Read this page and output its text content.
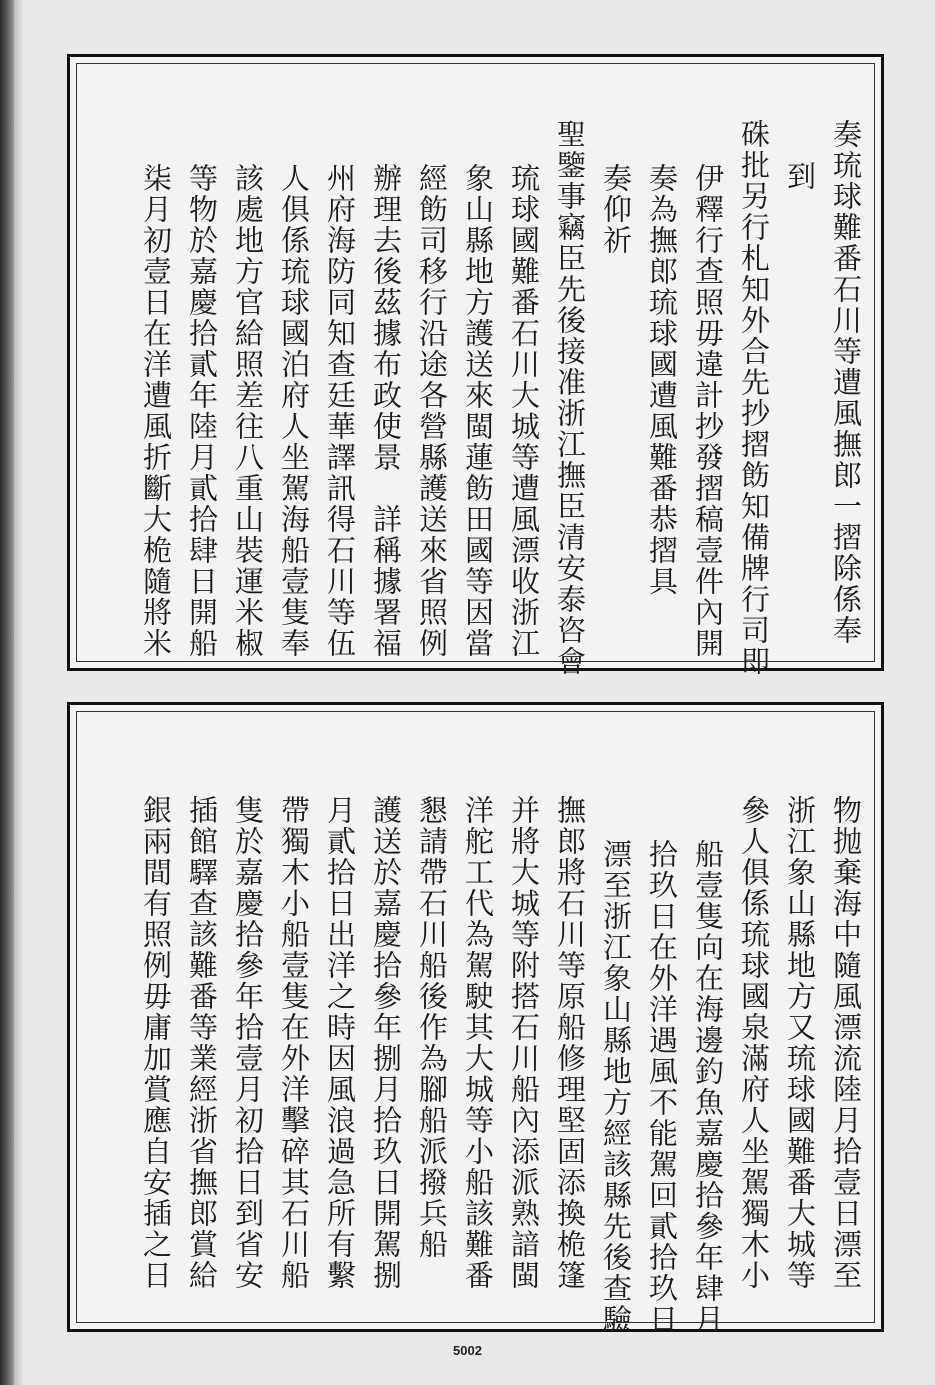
奏琉球難番石川等遭風撫郎一摺除係奉
到
硃批另行札知外合先抄摺飭知備牌行司即
伊釋行查照毋違計抄發摺稿壹件內開
奏為撫郎琉球國遭風難番恭摺具
奏仰祈
聖鑒事竊臣先後接准浙江撫臣清安泰咨會
琉球國難番石川大城等遭風漂收浙江
象山縣地方護送來閩蓮飭田國等因當
經飭司移行沿途各營縣護送來省照例
辦理去後茲據布政使景　詳稱據署福
州府海防同知查廷華譯訊得石川等伍
人俱係琉球國泊府人坐駕海船壹隻奉
該處地方官給照差往八重山裝運米椒
等物於嘉慶拾貳年陸月貳拾肆日開船
柒月初壹日在洋遭風折斷大桅隨將米
物抛棄海中隨風漂流陸月拾壹日漂至
浙江象山縣地方又琉球國難番大城等
參人俱係琉球國泉滿府人坐駕獨木小
船壹隻向在海邊釣魚嘉慶拾參年肆月
拾玖日在外洋遇風不能駕回貳拾玖日
漂至浙江象山縣地方經該縣先後查驗
撫郎將石川等原船修理堅固添換桅篷
并將大城等附搭石川船內添派熟諳閩
洋舵工代為駕駛其大城等小船該難番
懇請帶石川船後作為腳船派撥兵船
護送於嘉慶拾參年捌月拾玖日開駕捌
月貳拾日出洋之時因風浪過急所有繫
帶獨木小船壹隻在外洋擊碎其石川船
隻於嘉慶拾參年拾壹月初拾日到省安
插館驛查該難番等業經浙省撫郎賞給
銀兩間有照例毋庸加賞應自安插之日
5002
